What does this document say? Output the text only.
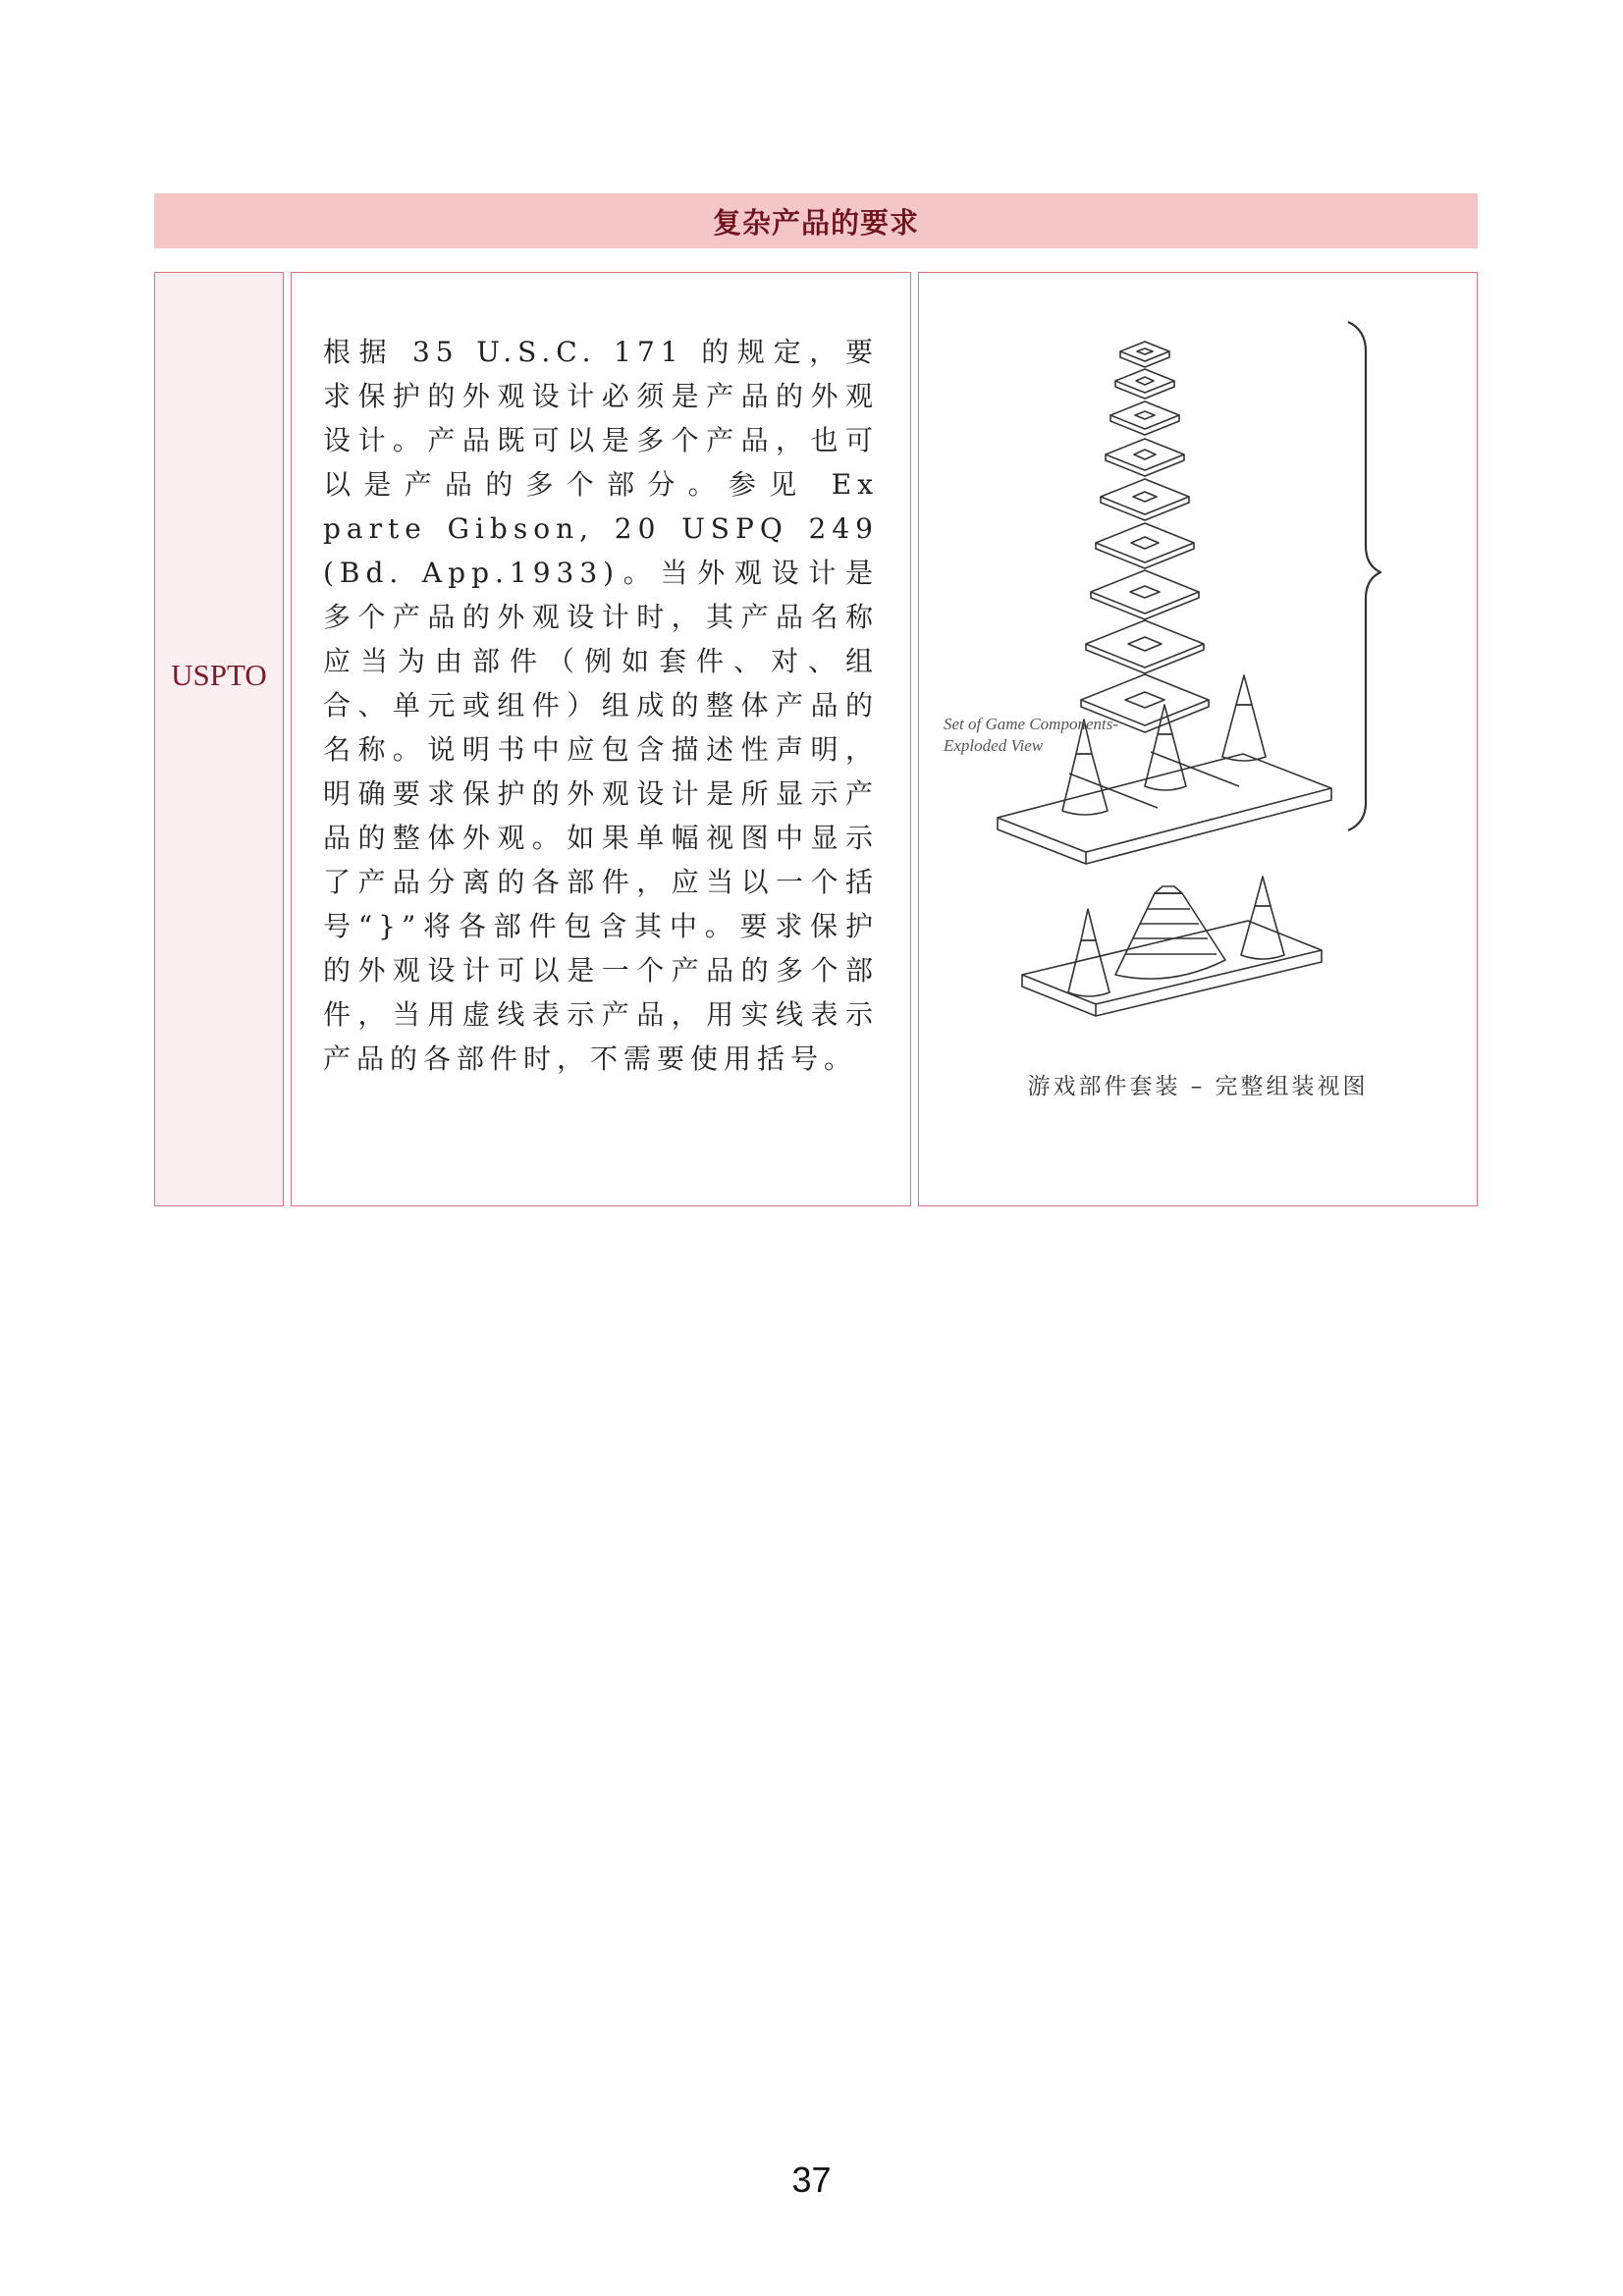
复杂产品的要求
USPTO

根据 35 U.S.C. 171 的规定，要求保护的外观设计必须是产品的外观设计。产品既可以是多个产品，也可以是产品的多个部分。参见 Ex parte Gibson, 20 USPQ 249 (Bd. App.1933)。当外观设计是多个产品的外观设计时，其产品名称应当为由部件（例如套件、对、组合、单元或组件）组成的整体产品的名称。说明书中应包含描述性声明，明确要求保护的外观设计是所显示产品的整体外观。如果单幅视图中显示了产品分离的各部件，应当以一个括号“}”将各部件包含其中。要求保护的外观设计可以是一个产品的多个部件，当用虚线表示产品，用实线表示产品的各部件时，不需要使用括号。

Set of Game Components-
Exploded View
游戏部件套装 – 完整组装视图
37
